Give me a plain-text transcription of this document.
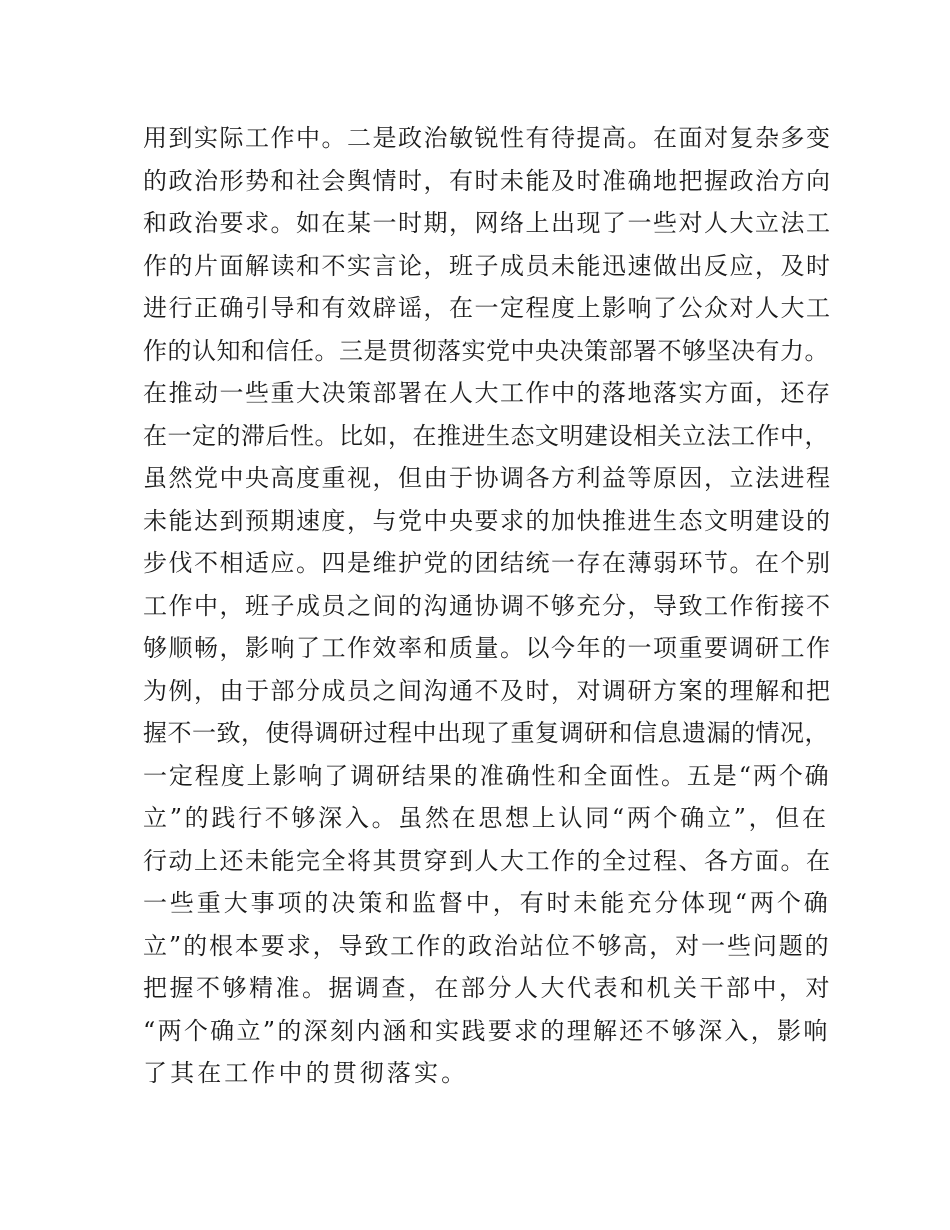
用到实际工作中。二是政治敏锐性有待提高。在面对复杂多变
的政治形势和社会舆情时，有时未能及时准确地把握政治方向
和政治要求。如在某一时期，网络上出现了一些对人大立法工
作的片面解读和不实言论，班子成员未能迅速做出反应，及时
进行正确引导和有效辟谣，在一定程度上影响了公众对人大工
作的认知和信任。三是贯彻落实党中央决策部署不够坚决有力。
在推动一些重大决策部署在人大工作中的落地落实方面，还存
在一定的滞后性。比如，在推进生态文明建设相关立法工作中，
虽然党中央高度重视，但由于协调各方利益等原因，立法进程
未能达到预期速度，与党中央要求的加快推进生态文明建设的
步伐不相适应。四是维护党的团结统一存在薄弱环节。在个别
工作中，班子成员之间的沟通协调不够充分，导致工作衔接不
够顺畅，影响了工作效率和质量。以今年的一项重要调研工作
为例，由于部分成员之间沟通不及时，对调研方案的理解和把
握不一致，使得调研过程中出现了重复调研和信息遗漏的情况，
一定程度上影响了调研结果的准确性和全面性。五是“两个确
立”的践行不够深入。虽然在思想上认同“两个确立”，但在
行动上还未能完全将其贯穿到人大工作的全过程、各方面。在
一些重大事项的决策和监督中，有时未能充分体现“两个确
立”的根本要求，导致工作的政治站位不够高，对一些问题的
把握不够精准。据调查，在部分人大代表和机关干部中，对
“两个确立”的深刻内涵和实践要求的理解还不够深入，影响
了其在工作中的贯彻落实。
